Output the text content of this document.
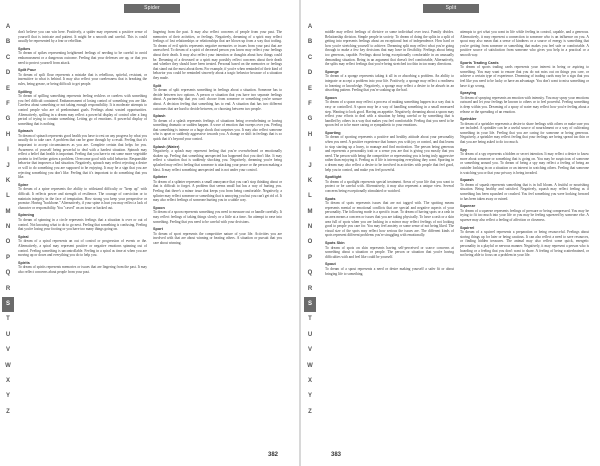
Spider
A
B
C
D
E
F
G
H
I
J
K
L
M
N
O
P
Q
R
S
T
U
V
W
X
Y
Z
don't believe you can win here. Positively, a spider may represent a positive sense of yourself that is intricate and patient. It might be a smooth and careful. This is could usually be represented by a fear or rebellion.
Spikes
To dream of spikes representing heightened feelings of needing to be careful to avoid embarrassment or a dangerous outcome. Feeling that your defenses are up, or that you need to protect yourself from attack.
Spilt Pour
To dream of spilt flour represents a mistake that is rebellious, spiteful, resistant, or insensitive to what is behind. It may also reflect your carelessness that is breaking the rules, being grease, or being difficult to get people.
Spilling
To dream of spilling something represents feeling reckless or careless with something you feel difficult contained. Embarrassment of losing control of something you are like. Careless about something or not taking enough responsibility. It is moderate attempts to control people who are of predominant goals. Feelings about wasted opportunities. Alternatively, spilling in a dream may reflect a powerful display of control after a long period of trying to contain something. Letting go of emotions. A powerful display of something that is nothing.
Spinach
To dream of spinach represents good health you have to rest on any progress by what you usually do to take care. A problem that can be gone through by a result. Feeling that it's important to accept circumstances as you are. Complete certain that helps for you. Awareness of yourself being powerful to deal with a hardest situation. Spinach may reflect a belief that health is important. Feeling that you have to eat some more vegetable protein to feel better gotten a problem. Overcome good with solid behavior. Responsible behavior that improves a bad situation. Negatively, spinach may reflect rejecting a desire or will to do something you are supposed to be enjoying. It may be a sign that you are rejecting something you don't like. Feeling that it's important to do something that you like.
Spine
To dream of a spine represents the ability to withstand difficulty or "keep up" with difficult. It reflects power and strength of resilience. The courage of conviction or to maintain integrity in the face of temptation. How strong you keep your perspective or promise. Having "backbone." Alternatively, if your spine is hurt you may reflect a lack of character or responsibility. You "caved" on an issue or backed out.
Spinning
To dream of spinning in a circle represents feelings that a situation is over or out of control. Not knowing what to do to go next. Feeling that something is confusing. Feeling that you're losing your footing or you have too many things going on.
Spiral
To dream of a spiral represents an out of control or progression of events or the. Alternatively, a spiral may represent positive or negative emotions spinning out of control. Feeling something is uncontrollable. Feeling in a spiral as time at when you are moving up or down and everything you do to help you.
Spirits
To dream of spirits represents memories or issues that are lingering from the past. It may also reflect concerns about people from your past.
lingering from the past. It may also reflect concerns of people from your past. The memories of their activities, or feelings. Negatively, dreaming of a spirit may reflect feelings of lost relationships or relationships that are blown up from a way that tooling. To dream of evil spirits represents negative memories or issues from your past that are unresolved. To dream of a spirit of deceased person you know may reflect your feelings about their death. It may also reflect your intention or thoughts about how things could be. Dreaming of a deceased or a spirit may possibly reflect concerns about their death and whether they should have been treated. Personal based on the memories or feelings that stand out the most about them. For example, if you're when reminded of their kind of behavior you could be reminded sincerely about a tragic behavior because of a situation they made.
Split
To dream of split represents something in feelings about a situation. Someone has to decide between two options. A person or situation that you have two separate feelings about. A partnership that you can't choose from someone or something you're unsure about. A decision feeling that something has to end. A situation that has two different outcomes that are hard to decide between, or choosing between two people.
Splash
To dream of a splash represents feelings of situations being overwhelming or having something dramatic or sudden happen. A wave of emotion that sweeps over you. Feeling that something is intense or a huge shock that surprises you. It may also reflect someone who is upset or suddenly aggressive towards you. A change or shift in feelings that is so quick that it's beyond your control.
Splash (Water)
Negatively, a splash may represent feeling that you're overwhelmed or emotionally shaken up. Feeling that something unexpected has happened that you don't like. It may reflect a situation that is suddenly shocking you. Negatively, dreaming you're being splashed may reflect feeling that someone is attacking your peace or the person making a blast. It may reflect something unexpected and is not under your control.
Splinter
To dream of a splinter represents a small annoyance that you can't stop thinking about or that is difficult to forget. A problem that seems small but has a way of hurting you. Feeling that there's a minor issue that keeps you from being comfortable. Negatively, a splinter may reflect someone or something that is annoying you but you can't get rid of. It may also reflect feelings of someone hurting you in a subtle way.
Spoon
To dream of a spoon represents something you need to measure out or handle carefully. It may reflect feelings of taking things slowly or a little at a time. An attempt to ease into something. Feeling that you need to be careful with your decisions.
Sport
To dream of sport represents the competitive nature of your life. Activities you are involved with that are about winning or beating others. A situation or pursuit that you care about winning.
382
Split
A
B
C
D
E
F
G
H
I
J
K
L
M
N
O
P
Q
R
S
T
U
V
W
X
Y
Z
middle may reflect feelings of divisive or some individual over trust. Family divides. Relationship division. Simple people in society. To dream of doing the splits in a split of getting into represents feelings about an exceptional feat of independence. How hard or how you're stretching yourself to achieve. Dreaming split may reflect what you're going through to make a few key decisions that may have in flexibility. Feelings about being too generous, capable. Feelings about being exceptionally comfortable in an unusually demanding situation. Being in an argument that doesn't feel comfortable, Alternatively, the splits may reflect feelings that you're being stretched too thin in too many directions.
Sponge
To dream of a sponge represents taking it all in or absorbing a problem. An ability to integrate or accept a problem into your life. Positively, a sponge may reflect a readiness to learning or knowledge. Negatively, a sponge may reflect a desire to be absorb in an absorbing pattern. Feeling that you're soaking up the bad.
Spoon
To dream of a spoon may reflect a process of making something happen in a way that is easy or controlled. A spoon may be a way of handling something in a small measured step. Wanting to look good. Having an appetite. Negatively, dreaming about a spoon may reflect your efforts to deal with a situation by being careful or by something that is handled by others in a way that makes you feel comfortable. Feeling that you need to be spoon fed or to be more caring or sympathetic to your emotions.
Sporting
To dream of sporting represents a positive and healthy attitude about your personality when you need. A positive experience that honors you with joy or control, and that learns to stop starting up a hurry, to manage and find motivation. The person being generous and represents a personality trait or a sense you are that is giving you mostly that you need. The person with being the competitive or representing you is being truly aggressive rather than enjoying it. Feeling as if life is interrupting everything they want. Sporting in a dream may also reflect a desire to be involved in activities with people that feel good, help you in control, and make you feel powerful.
Spotlight
To dream of a spotlight represents special treatment. Areas of your life that you want to protect or be careful with. Alternatively, it may also represent a unique view. Several concerns being exceptionally stimulated or watched.
Spots
To dream of spots represents issues that are not tagged with. The spotting means represents mental or emotional conflicts that are special and negative aspects of your personality. The following mode is a specific issue. To dream of having spots or a rash in an area means a concern or issues that you are taking physically. To have a rash or a skin area full of spots when you are looking in a mirror may reflect feelings of not looking good to people you care for. You may feel anxiety or some sense of not being liked. The visual size of the spots may reflect how serious the issues are. The different kinds of spots represent different problems you're struggling with emotionally.
Spots Skin
To dream of spots on skin represents having self-perceived or scarce concerns at something about a situation or people. The person or situation that you're having difficulties with and feel like could be yourself.
Spout
To dream of a spout represents a need or desire making yourself a safer fit or about bringing life to something.
attempts to get what you want in life while feeling in control, capable, and a generous. Alternatively, it may represent a connection to someone who is an influence on you. A spout may also mean that a sense of kindness or a source of energy is something that you're getting from someone or something that makes you feel safe or comfortable. A positive source of satisfaction from someone who gives you help in a practical or a smooth way.
Sports Trading Cards
To dream of sports trading cards represents your interest in being or aspiring to something. You may want to ensure that you do not miss out on things you care, or achieve a certain type of experience. Dreaming of trading cards may be a sign that you feel like you need to be lucky or have an advantage. You don't want to miss something or have it go wrong.
Spraying
To dream of spraying represents an emotion with intensity. You may spray your emotions outward and let your feelings be known to others or to feel powerful. Feeling something is deep within you. Dreaming of a spray of water may reflect how you're feeling about a release or the spreading of an emotion.
Sprinkler
To dream of a sprinkler represents a desire to share feelings with others or make sure you are included. A sprinkler can be a useful source of nourishment or a way of cultivating something in your life. Feeling that you are caring for someone or being generous. Negatively, a sprinkler may reflect feeling that your feelings are being spread too thin or that you are being asked to do too much.
Spy
To dream of a spy represents a hidden or secret intention. It may reflect a desire to know more about someone or something that is going on. You may be suspicious of someone or something around you. To dream of being a spy may reflect a feeling of being an outsider looking in on a situation or an interest in watching others. Feeling that someone is watching you or that your privacy is being invaded.
Squash
To dream of squash represents something that is in full bloom. A fruitful or nourishing situation. Being healthy and satisfied. Negatively, squash may reflect feeling as if something has been squashed or crushed. You feel something you were looking forward to has been taken away or ruined.
Squeeze
To dream of a squeeze represents feelings of pressure or being compressed. You may be trying to fit too much into your life or you may be feeling squeezed by someone else. A squeeze may also reflect a feeling of affection or closeness.
Squirrel
To dream of a squirrel represents a preparation or being resourceful. Feelings about storing things up for later or being cautious. It can also reflect a need to save resources, or finding hidden treasures. The animal may also reflect some quick, energetic personality in a playful or nervous manner. Negatively, it may represent a person who is hoarding or a feeling that you don't want to share. A feeling of being scatterbrained, or not being able to focus on a problem in your life.
383
